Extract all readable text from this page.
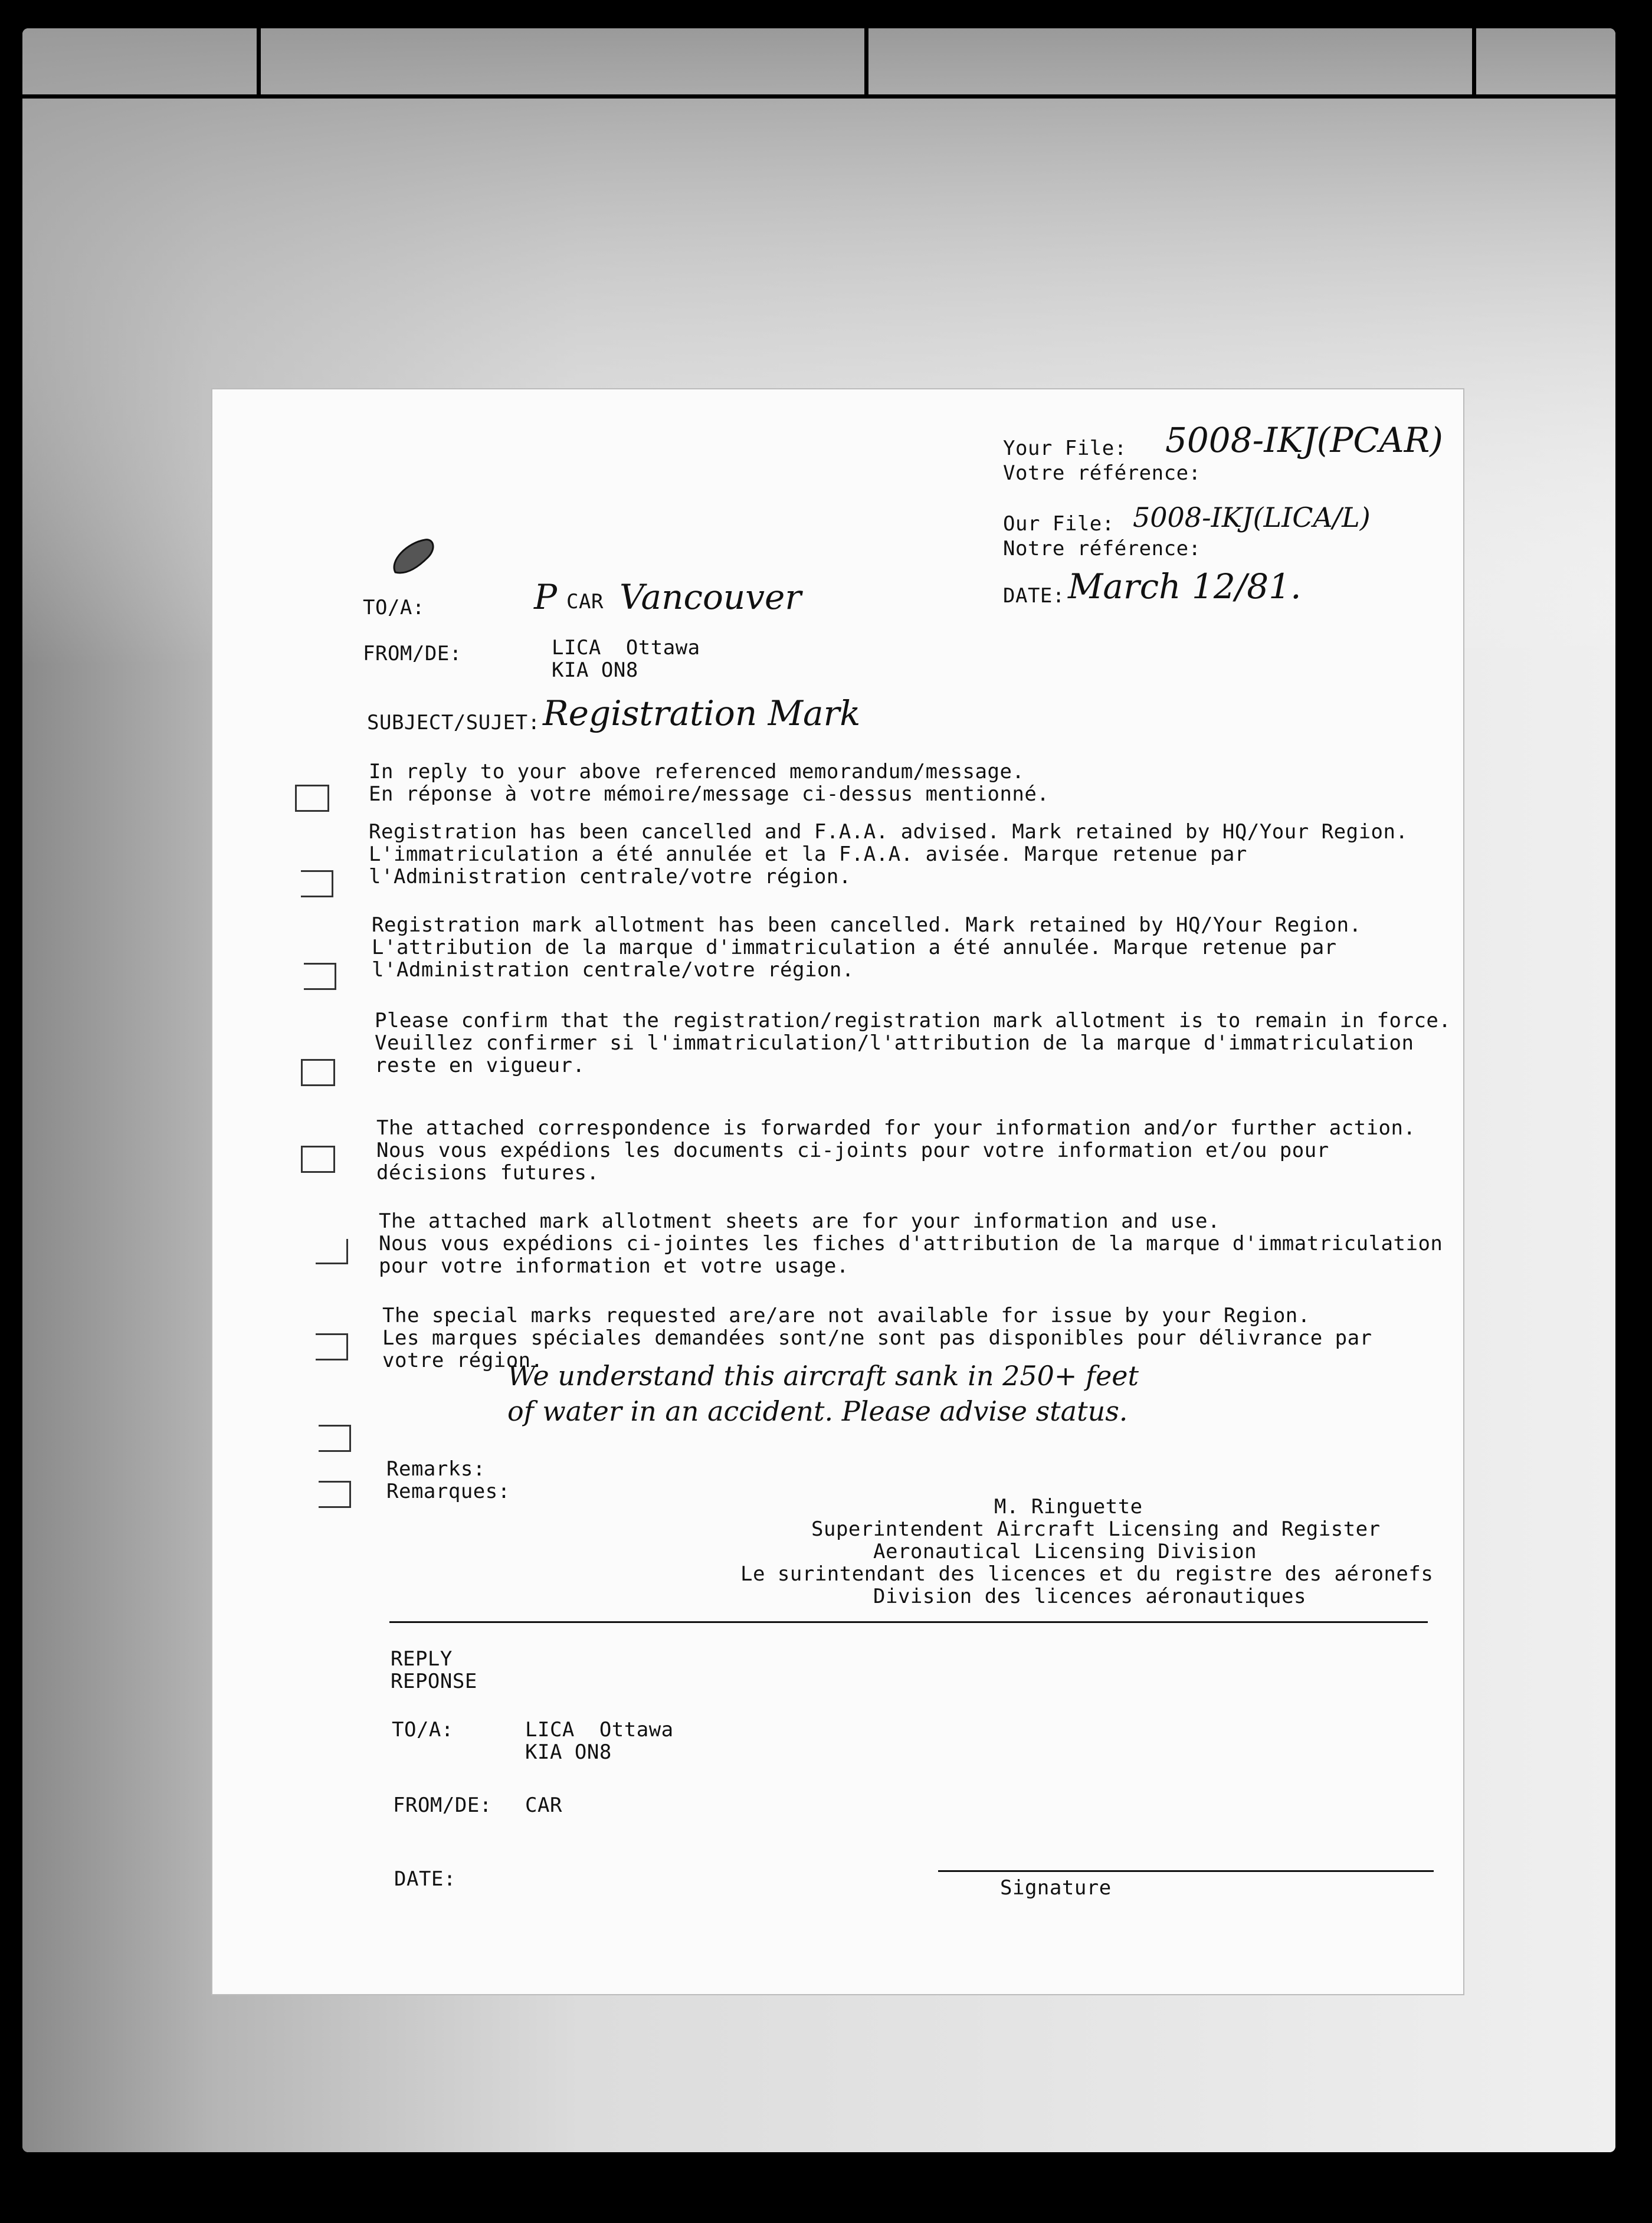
Your File: 5008-IKJ(PCAR)
Votre référence:
Our File: 5008-IKJ(LICA/L)
Notre référence:
DATE: March 12/81.
TO/A:	P CAR Vancouver
FROM/DE:	LICA  Ottawa
KIA ON8
SUBJECT/SUJET: Registration Mark
In reply to your above referenced memorandum/message.
En réponse à votre mémoire/message ci-dessus mentionné.
Registration has been cancelled and F.A.A. advised. Mark retained by HQ/Your Region.
L'immatriculation a été annulée et la F.A.A. avisée. Marque retenue par
l'Administration centrale/votre région.
Registration mark allotment has been cancelled. Mark retained by HQ/Your Region.
L'attribution de la marque d'immatriculation a été annulée. Marque retenue par
l'Administration centrale/votre région.
Please confirm that the registration/registration mark allotment is to remain in force.
Veuillez confirmer si l'immatriculation/l'attribution de la marque d'immatriculation
reste en vigueur.
The attached correspondence is forwarded for your information and/or further action.
Nous vous expédions les documents ci-joints pour votre information et/ou pour
décisions futures.
The attached mark allotment sheets are for your information and use.
Nous vous expédions ci-jointes les fiches d'attribution de la marque d'immatriculation
pour votre information et votre usage.
The special marks requested are/are not available for issue by your Region.
Les marques spéciales demandées sont/ne sont pas disponibles pour délivrance par
votre région.
We understand this aircraft sank in 250+ feet
of water in an accident. Please advise status.
Remarks:
Remarques:
M. Ringuette
Superintendent Aircraft Licensing and Register
Aeronautical Licensing Division
Le surintendant des licences et du registre des aéronefs
Division des licences aéronautiques
REPLY
REPONSE
TO/A:	LICA  Ottawa
KIA ON8
FROM/DE: CAR
DATE:	Signature
